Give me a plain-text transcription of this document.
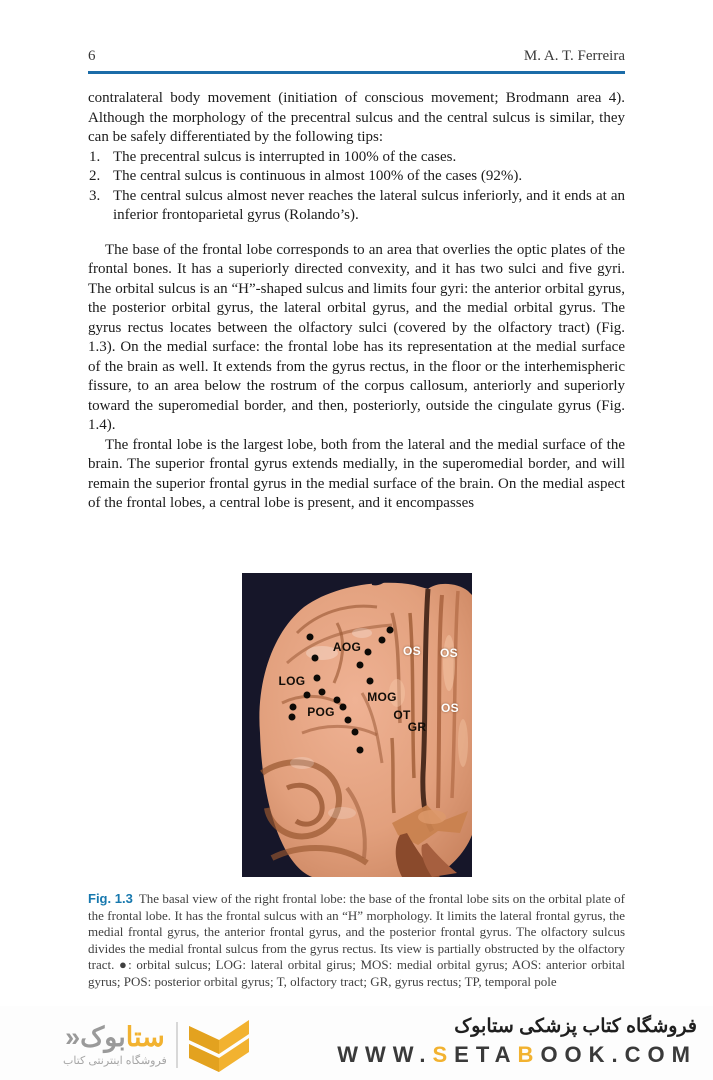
6	M. A. T. Ferreira

contralateral body movement (initiation of conscious movement; Brodmann area 4). Although the morphology of the precentral sulcus and the central sulcus is similar, they can be safely differentiated by the following tips:

1. The precentral sulcus is interrupted in 100% of the cases.
2. The central sulcus is continuous in almost 100% of the cases (92%).
3. The central sulcus almost never reaches the lateral sulcus inferiorly, and it ends at an inferior frontoparietal gyrus (Rolando’s).

The base of the frontal lobe corresponds to an area that overlies the optic plates of the frontal bones. It has a superiorly directed convexity, and it has two sulci and five gyri. The orbital sulcus is an “H”-shaped sulcus and limits four gyri: the anterior orbital gyrus, the posterior orbital gyrus, the lateral orbital gyrus, and the medial orbital gyrus. The gyrus rectus locates between the olfactory sulci (covered by the olfactory tract) (Fig. 1.3). On the medial surface: the frontal lobe has its representation at the medial surface of the brain as well. It extends from the gyrus rectus, in the floor or the interhemispheric fissure, to an area below the rostrum of the corpus callosum, anteriorly and superiorly toward the superomedial border, and then, posteriorly, outside the cingulate gyrus (Fig. 1.4).

The frontal lobe is the largest lobe, both from the lateral and the medial surface of the brain. The superior frontal gyrus extends medially, in the superomedial border, and will remain the superior frontal gyrus in the medial surface of the brain. On the medial aspect of the frontal lobes, a central lobe is present, and it encompasses

AOG	OS OS
LOG
MOG
POG	OT	OS
GR
Fig. 1.3 The basal view of the right frontal lobe: the base of the frontal lobe sits on the orbital plate of the frontal lobe. It has the frontal sulcus with an “H” morphology. It limits the lateral frontal gyrus, the medial frontal gyrus, the anterior frontal gyrus, and the posterior frontal gyrus. The olfactory sulcus divides the medial frontal sulcus from the gyrus rectus. Its view is partially obstructed by the olfactory tract. ●: orbital sulcus; LOG: lateral orbital girus; MOS: medial orbital gyrus; AOS: anterior orbital gyrus; POS: posterior orbital gyrus; T, olfactory tract; GR, gyrus rectus; TP, temporal pole
ستابوک«
فروشگاه اینترنتی کتاب
فروشگاه کتاب پزشکی ستابوک
WWW.SETABOOK.COM
